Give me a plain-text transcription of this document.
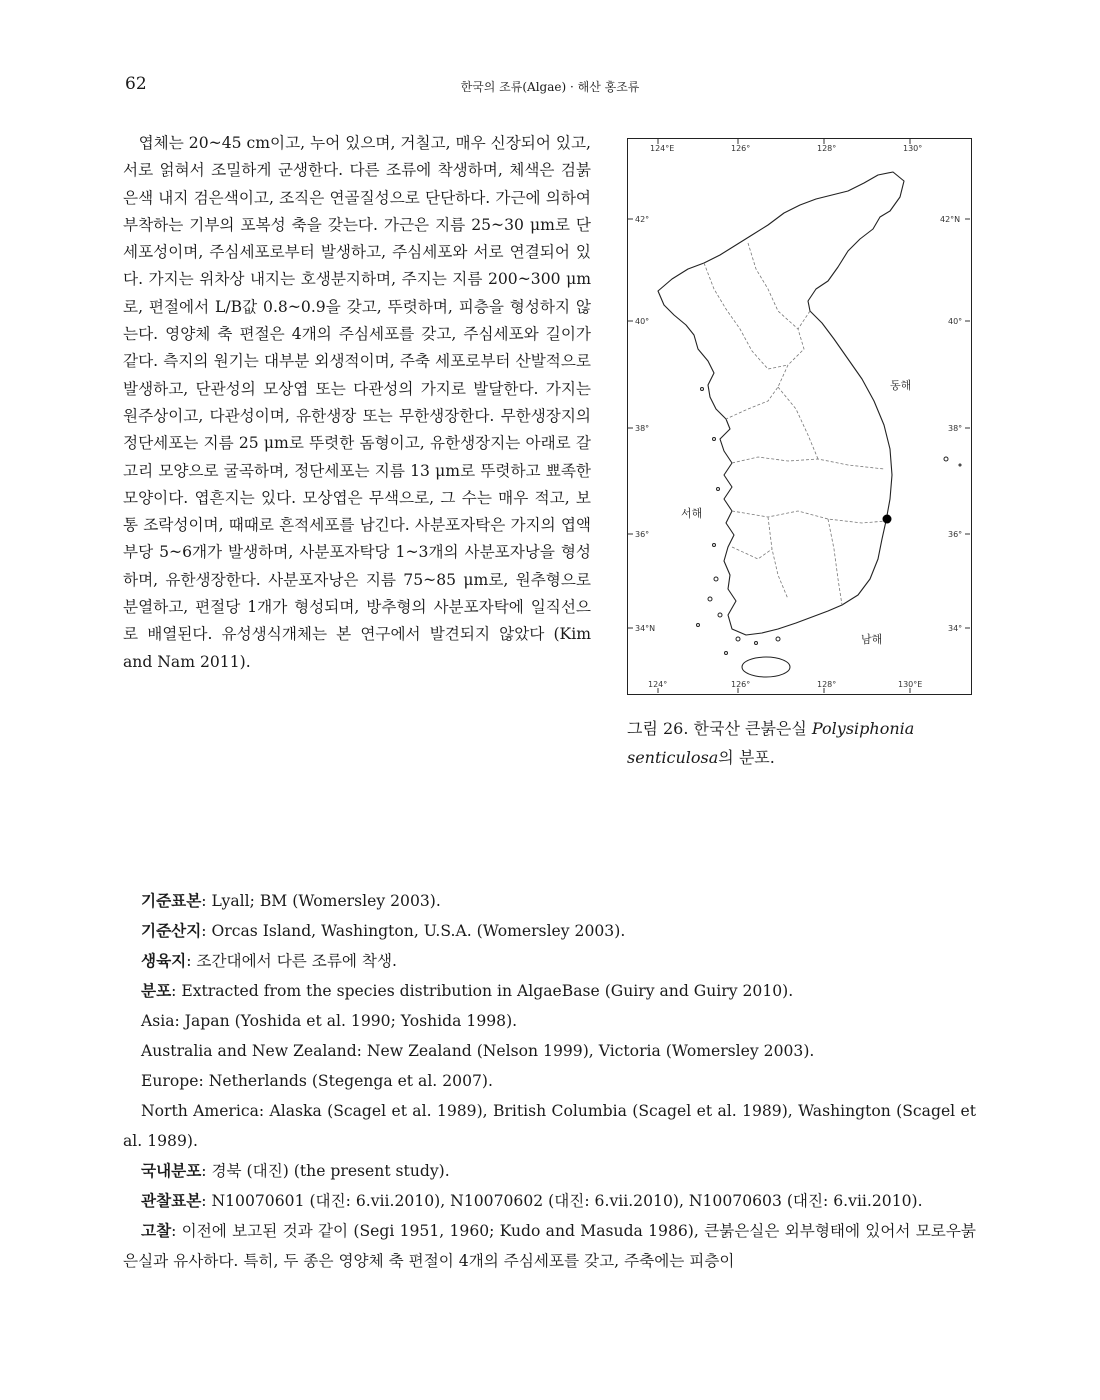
62	한국의 조류(Algae) · 해산 홍조류

엽체는 20~45 cm이고, 누어 있으며, 거칠고, 매우 신장되어 있고, 서로 얽혀서 조밀하게 군생한다. 다른 조류에 착생하며, 체색은 검붉은색 내지 검은색이고, 조직은 연골질성으로 단단하다. 가근에 의하여 부착하는 기부의 포복성 축을 갖는다. 가근은 지름 25~30 μm로 단세포성이며, 주심세포로부터 발생하고, 주심세포와 서로 연결되어 있다. 가지는 위차상 내지는 호생분지하며, 주지는 지름 200~300 μm로, 편절에서 L/B값 0.8~0.9을 갖고, 뚜렷하며, 피층을 형성하지 않는다. 영양체 축 편절은 4개의 주심세포를 갖고, 주심세포와 길이가 같다. 측지의 원기는 대부분 외생적이며, 주축 세포로부터 산발적으로 발생하고, 단관성의 모상엽 또는 다관성의 가지로 발달한다. 가지는 원주상이고, 다관성이며, 유한생장 또는 무한생장한다. 무한생장지의 정단세포는 지름 25 μm로 뚜렷한 돔형이고, 유한생장지는 아래로 갈고리 모양으로 굴곡하며, 정단세포는 지름 13 μm로 뚜렷하고 뾰족한 모양이다. 엽흔지는 있다. 모상엽은 무색으로, 그 수는 매우 적고, 보통 조락성이며, 때때로 흔적세포를 남긴다. 사분포자탁은 가지의 엽액부당 5~6개가 발생하며, 사분포자탁당 1~3개의 사분포자낭을 형성하며, 유한생장한다. 사분포자낭은 지름 75~85 μm로, 원추형으로 분열하고, 편절당 1개가 형성되며, 방추형의 사분포자탁에 일직선으로 배열된다. 유성생식개체는 본 연구에서 발견되지 않았다 (Kim and Nam 2011).

124°E	126°	128°	130°
124°	126°	128°	130°E
42°
40°
38°
36°
34°N
42°N
40°
38°
36°
34°
동해
서해
남해

그림 26. 한국산 큰붉은실 Polysiphonia senticulosa의 분포.

기준표본: Lyall; BM (Womersley 2003).

기준산지: Orcas Island, Washington, U.S.A. (Womersley 2003).

생육지: 조간대에서 다른 조류에 착생.

분포: Extracted from the species distribution in AlgaeBase (Guiry and Guiry 2010).

Asia: Japan (Yoshida et al. 1990; Yoshida 1998).

Australia and New Zealand: New Zealand (Nelson 1999), Victoria (Womersley 2003).

Europe: Netherlands (Stegenga et al. 2007).

North America: Alaska (Scagel et al. 1989), British Columbia (Scagel et al. 1989), Washington (Scagel et al. 1989).

국내분포: 경북 (대진) (the present study).

관찰표본: N10070601 (대진: 6.vii.2010), N10070602 (대진: 6.vii.2010), N10070603 (대진: 6.vii.2010).

고찰: 이전에 보고된 것과 같이 (Segi 1951, 1960; Kudo and Masuda 1986), 큰붉은실은 외부형태에 있어서 모로우붉은실과 유사하다. 특히, 두 종은 영양체 축 편절이 4개의 주심세포를 갖고, 주축에는 피층이
